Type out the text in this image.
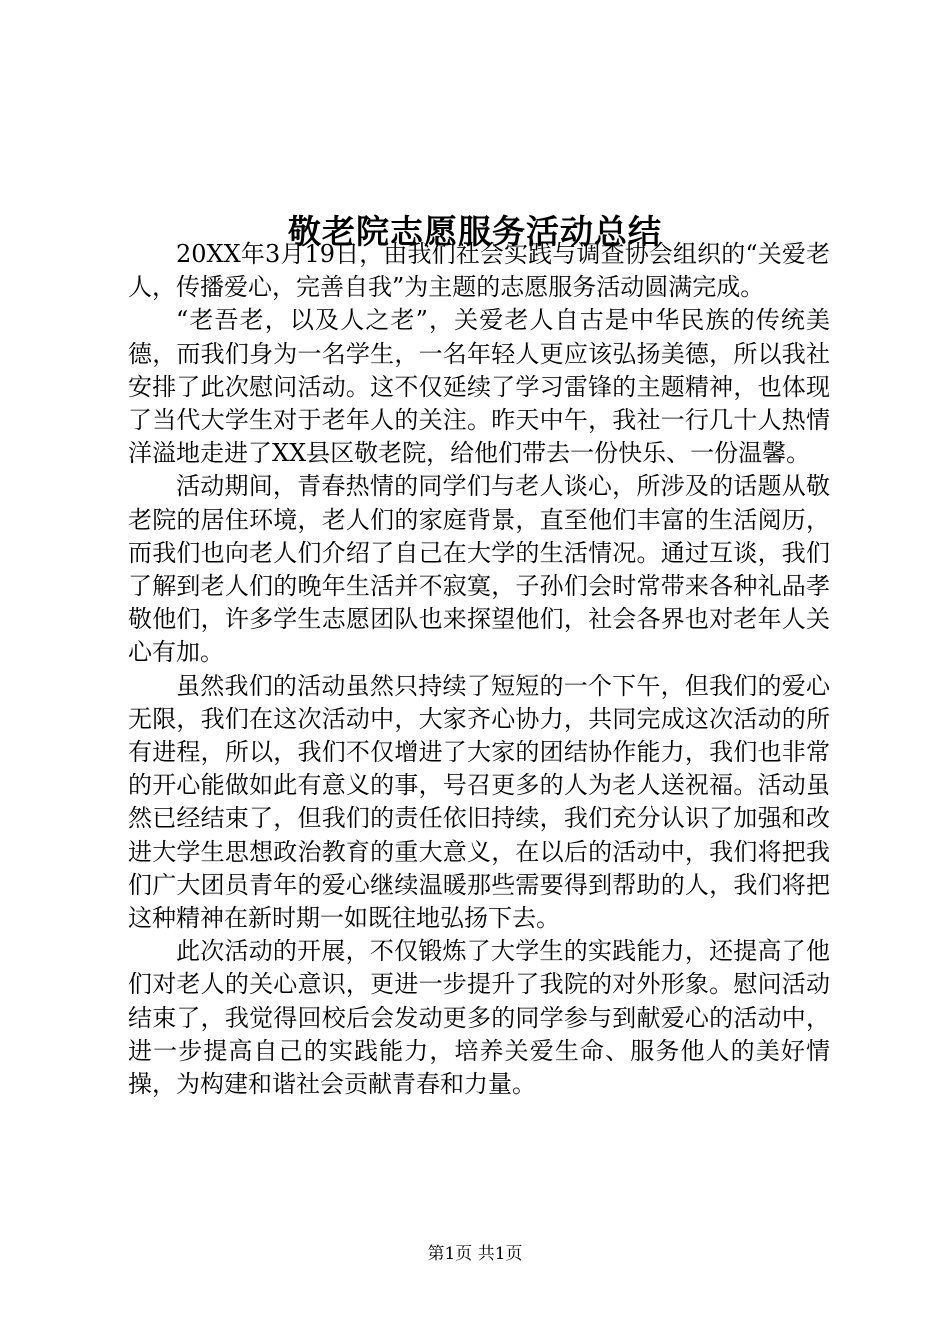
敬老院志愿服务活动总结

20XX年3月19日，由我们社会实践与调查协会组织的“关爱老人，传播爱心，完善自我”为主题的志愿服务活动圆满完成。

“老吾老，以及人之老”，关爱老人自古是中华民族的传统美德，而我们身为一名学生，一名年轻人更应该弘扬美德，所以我社安排了此次慰问活动。这不仅延续了学习雷锋的主题精神，也体现了当代大学生对于老年人的关注。昨天中午，我社一行几十人热情洋溢地走进了XX县区敬老院，给他们带去一份快乐、一份温馨。

活动期间，青春热情的同学们与老人谈心，所涉及的话题从敬老院的居住环境，老人们的家庭背景，直至他们丰富的生活阅历，而我们也向老人们介绍了自己在大学的生活情况。通过互谈，我们了解到老人们的晚年生活并不寂寞，子孙们会时常带来各种礼品孝敬他们，许多学生志愿团队也来探望他们，社会各界也对老年人关心有加。

虽然我们的活动虽然只持续了短短的一个下午，但我们的爱心无限，我们在这次活动中，大家齐心协力，共同完成这次活动的所有进程，所以，我们不仅增进了大家的团结协作能力，我们也非常的开心能做如此有意义的事，号召更多的人为老人送祝福。活动虽然已经结束了，但我们的责任依旧持续，我们充分认识了加强和改进大学生思想政治教育的重大意义，在以后的活动中，我们将把我们广大团员青年的爱心继续温暖那些需要得到帮助的人，我们将把这种精神在新时期一如既往地弘扬下去。

此次活动的开展，不仅锻炼了大学生的实践能力，还提高了他们对老人的关心意识，更进一步提升了我院的对外形象。慰问活动结束了，我觉得回校后会发动更多的同学参与到献爱心的活动中，进一步提高自己的实践能力，培养关爱生命、服务他人的美好情操，为构建和谐社会贡献青春和力量。

第1页 共1页
